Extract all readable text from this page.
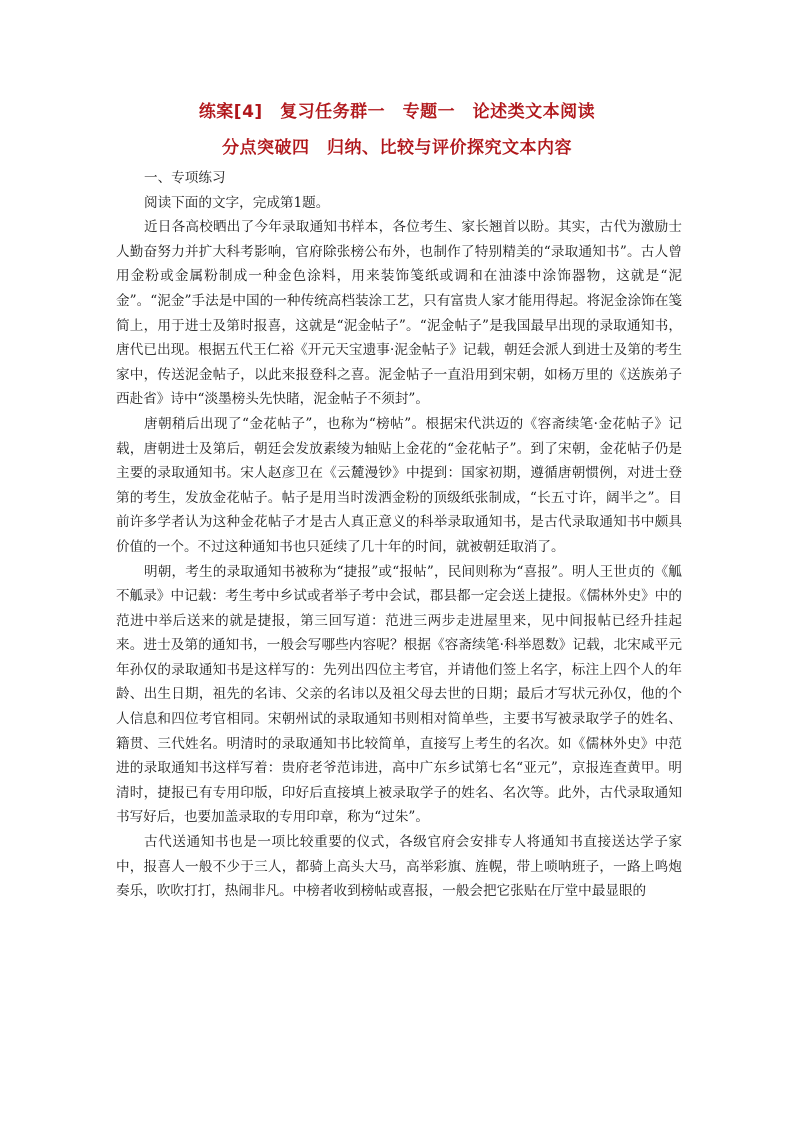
练案[4]　复习任务群一　专题一　论述类文本阅读
分点突破四　归纳、比较与评价探究文本内容

一、专项练习

阅读下面的文字，完成第1题。

近日各高校晒出了今年录取通知书样本，各位考生、家长翘首以盼。其实，古代为激励士人勤奋努力并扩大科考影响，官府除张榜公布外，也制作了特别精美的“录取通知书”。古人曾用金粉或金属粉制成一种金色涂料，用来装饰笺纸或调和在油漆中涂饰器物，这就是“泥金”。“泥金”手法是中国的一种传统高档装涂工艺，只有富贵人家才能用得起。将泥金涂饰在笺简上，用于进士及第时报喜，这就是“泥金帖子”。“泥金帖子”是我国最早出现的录取通知书，唐代已出现。根据五代王仁裕《开元天宝遗事·泥金帖子》记载，朝廷会派人到进士及第的考生家中，传送泥金帖子，以此来报登科之喜。泥金帖子一直沿用到宋朝，如杨万里的《送族弟子西赴省》诗中“淡墨榜头先快睹，泥金帖子不须封”。

唐朝稍后出现了“金花帖子”，也称为“榜帖”。根据宋代洪迈的《容斋续笔·金花帖子》记载，唐朝进士及第后，朝廷会发放素绫为轴贴上金花的“金花帖子”。到了宋朝，金花帖子仍是主要的录取通知书。宋人赵彦卫在《云麓漫钞》中提到：国家初期，遵循唐朝惯例，对进士登第的考生，发放金花帖子。帖子是用当时泼洒金粉的顶级纸张制成，“长五寸许，阔半之”。目前许多学者认为这种金花帖子才是古人真正意义的科举录取通知书，是古代录取通知书中颇具价值的一个。不过这种通知书也只延续了几十年的时间，就被朝廷取消了。

明朝，考生的录取通知书被称为“捷报”或“报帖”，民间则称为“喜报”。明人王世贞的《觚不觚录》中记载：考生考中乡试或者举子考中会试，郡县都一定会送上捷报。《儒林外史》中的范进中举后送来的就是捷报，第三回写道：范进三两步走进屋里来，见中间报帖已经升挂起来。进士及第的通知书，一般会写哪些内容呢？根据《容斋续笔·科举恩数》记载，北宋咸平元年孙仅的录取通知书是这样写的：先列出四位主考官，并请他们签上名字，标注上四个人的年龄、出生日期，祖先的名讳、父亲的名讳以及祖父母去世的日期；最后才写状元孙仅，他的个人信息和四位考官相同。宋朝州试的录取通知书则相对简单些，主要书写被录取学子的姓名、籍贯、三代姓名。明清时的录取通知书比较简单，直接写上考生的名次。如《儒林外史》中范进的录取通知书这样写着：贵府老爷范讳进，高中广东乡试第七名“亚元”，京报连查黄甲。明清时，捷报已有专用印版，印好后直接填上被录取学子的姓名、名次等。此外，古代录取通知书写好后，也要加盖录取的专用印章，称为“过朱”。

古代送通知书也是一项比较重要的仪式，各级官府会安排专人将通知书直接送达学子家中，报喜人一般不少于三人，都骑上高头大马，高举彩旗、旌幌，带上唢呐班子，一路上鸣炮奏乐，吹吹打打，热闹非凡。中榜者收到榜帖或喜报，一般会把它张贴在厅堂中最显眼的
